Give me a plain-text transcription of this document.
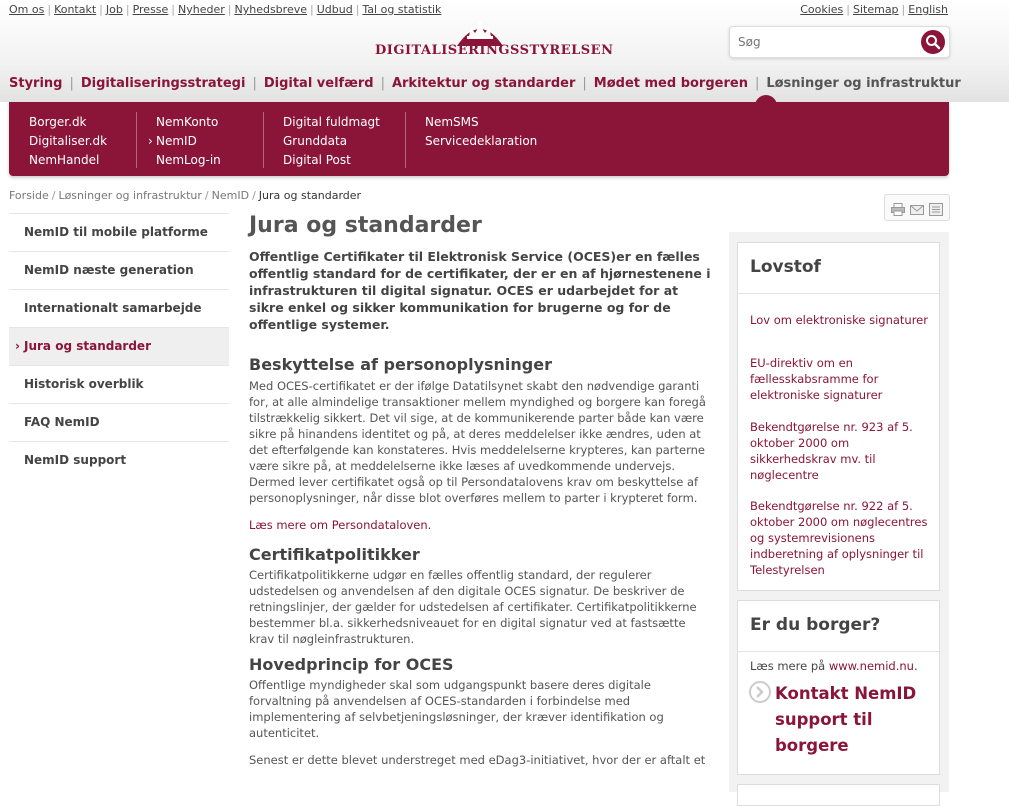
Om os | Kontakt | Job | Presse | Nyheder | Nyhedsbreve | Udbud | Tal og statistik	Cookies | Sitemap | English
DIGITALISERINGSSTYRELSEN
Søg
Styring | Digitaliseringsstrategi | Digital velfærd | Arkitektur og standarder | Mødet med borgeren | Løsninger og infrastruktur
Borger.dk
Digitaliser.dk
NemHandel
NemKonto
› NemID
NemLog-in
Digital fuldmagt
Grunddata
Digital Post
NemSMS
Servicedeklaration
Forside / Løsninger og infrastruktur / NemID / Jura og standarder
NemID til mobile platforme
NemID næste generation
Internationalt samarbejde
› Jura og standarder
Historisk overblik
FAQ NemID
NemID support
Jura og standarder
Offentlige Certifikater til Elektronisk Service (OCES)er en fælles offentlig standard for de certifikater, der er en af hjørnestenene i infrastrukturen til digital signatur. OCES er udarbejdet for at sikre enkel og sikker kommunikation for brugerne og for de offentlige systemer.
Beskyttelse af personoplysninger

Med OCES-certifikatet er der ifølge Datatilsynet skabt den nødvendige garanti for, at alle almindelige transaktioner mellem myndighed og borgere kan foregå tilstrækkelig sikkert. Det vil sige, at de kommunikerende parter både kan være sikre på hinandens identitet og på, at deres meddelelser ikke ændres, uden at det efterfølgende kan konstateres. Hvis meddelelserne krypteres, kan parterne være sikre på, at meddelelserne ikke læses af uvedkommende undervejs. Dermed lever certifikatet også op til Persondatalovens krav om beskyttelse af personoplysninger, når disse blot overføres mellem to parter i krypteret form.

Læs mere om Persondataloven.

Certifikatpolitikker

Certifikatpolitikkerne udgør en fælles offentlig standard, der regulerer udstedelsen og anvendelsen af den digitale OCES signatur. De beskriver de retningslinjer, der gælder for udstedelsen af certifikater. Certifikatpolitikkerne bestemmer bl.a. sikkerhedsniveauet for en digital signatur ved at fastsætte krav til nøgleinfrastrukturen.

Hovedprincip for OCES

Offentlige myndigheder skal som udgangspunkt basere deres digitale forvaltning på anvendelsen af OCES-standarden i forbindelse med implementering af selvbetjeningsløsninger, der kræver identifikation og autenticitet.

Senest er dette blevet understreget med eDag3-initiativet, hvor der er aftalt et

Lovstof
Lov om elektroniske signaturer
EU-direktiv om en fællesskabsramme for elektroniske signaturer
Bekendtgørelse nr. 923 af 5. oktober 2000 om sikkerhedskrav mv. til nøglecentre
Bekendtgørelse nr. 922 af 5. oktober 2000 om nøglecentres og systemrevisionens indberetning af oplysninger til Telestyrelsen
Er du borger?
Læs mere på www.nemid.nu.
Kontakt NemID support til borgere
